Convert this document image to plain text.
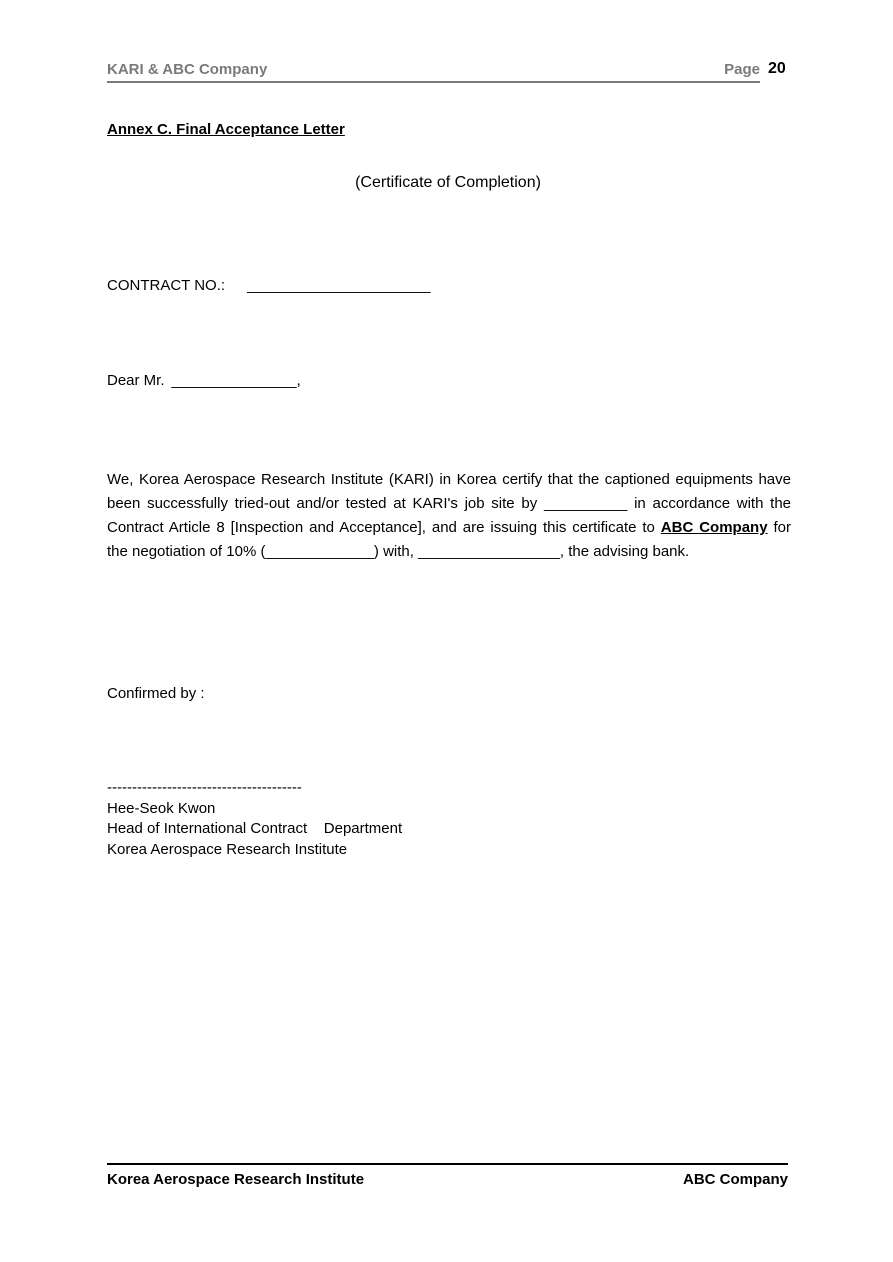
KARI & ABC Company	Page 20
Annex C. Final Acceptance Letter
(Certificate of Completion)
CONTRACT NO.: ______________________
Dear Mr. _______________,

We, Korea Aerospace Research Institute (KARI) in Korea certify that the captioned equipments have been successfully tried-out and/or tested at KARI's job site by __________ in accordance with the Contract Article 8 [Inspection and Acceptance], and are issuing this certificate to ABC Company for the negotiation of 10% (_____________) with, _________________, the advising bank.

Confirmed by :
---------------------------------------
Hee-Seok Kwon
Head of International Contract    Department
Korea Aerospace Research Institute
Korea Aerospace Research Institute	ABC Company
